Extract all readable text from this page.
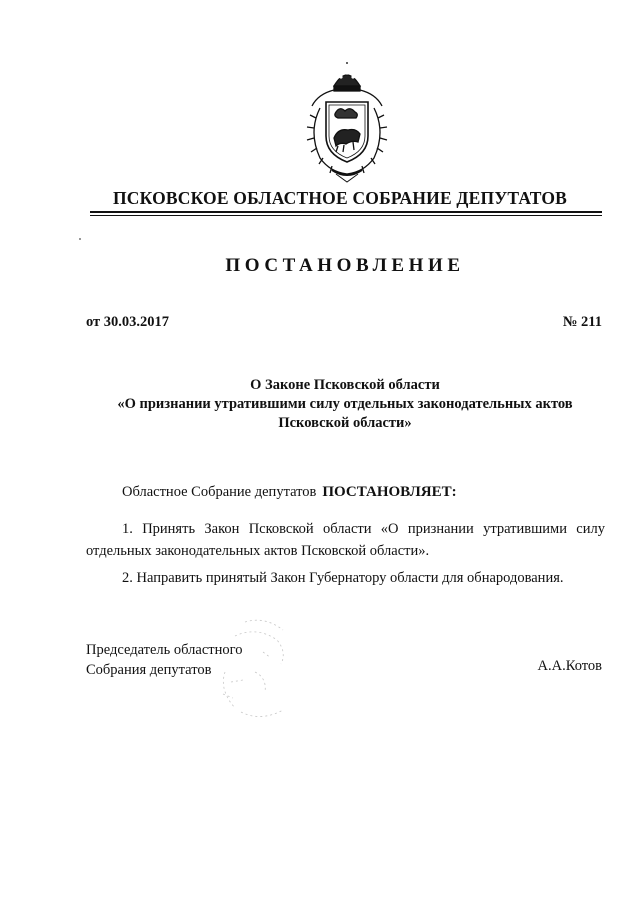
ПСКОВСКОЕ ОБЛАСТНОЕ СОБРАНИЕ ДЕПУТАТОВ
ПОСТАНОВЛЕНИЕ
от 30.03.2017	№ 211
О Законе Псковской области
«О признании утратившими силу отдельных законодательных актов
Псковской области»
Областное Собрание депутатов ПОСТАНОВЛЯЕТ:
1. Принять Закон Псковской области «О признании утратившими силу
отдельных законодательных актов Псковской области».
2. Направить принятый Закон Губернатору области для обнародования.
Председатель областного
Собрания депутатов	А.А.Котов
